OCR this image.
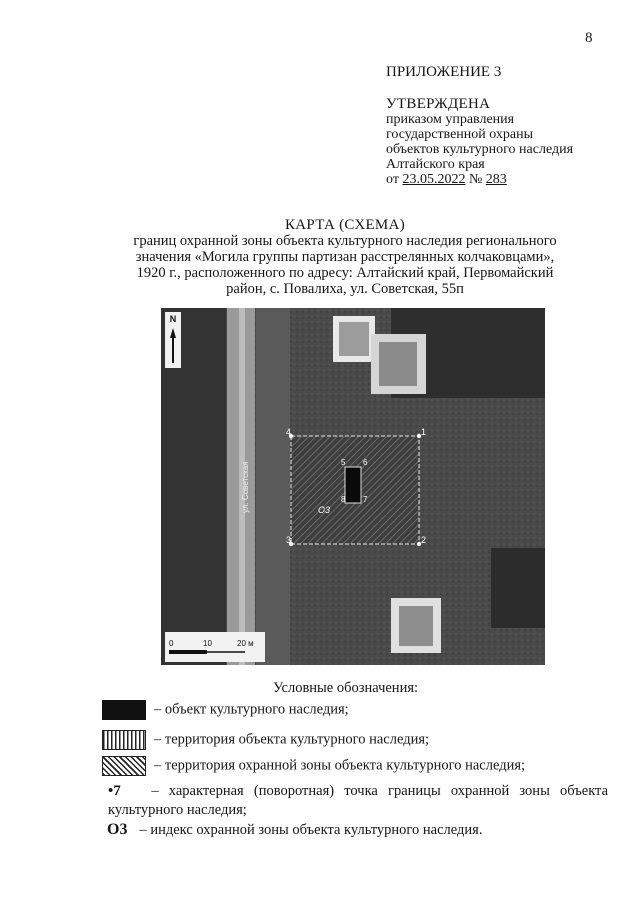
8
ПРИЛОЖЕНИЕ 3
УТВЕРЖДЕНА
приказом управления
государственной охраны
объектов культурного наследия
Алтайского края
от 23.05.2022 № 283
КАРТА (СХЕМА)
границ охранной зоны объекта культурного наследия регионального
значения «Могила группы партизан расстрелянных колчаковцами»,
1920 г., расположенного по адресу: Алтайский край, Первомайский
район, с. Повалиха, ул. Советская, 55п
1
2
3
4
5 6
7
8
О3
ул. Советская
N
0	10	20 м
Условные обозначения:
– объект культурного наследия;
– территория объекта культурного наследия;
– территория охранной зоны объекта культурного наследия;
•7 – характерная (поворотная) точка границы охранной зоны объекта культурного наследия;
О3 – индекс охранной зоны объекта культурного наследия.
